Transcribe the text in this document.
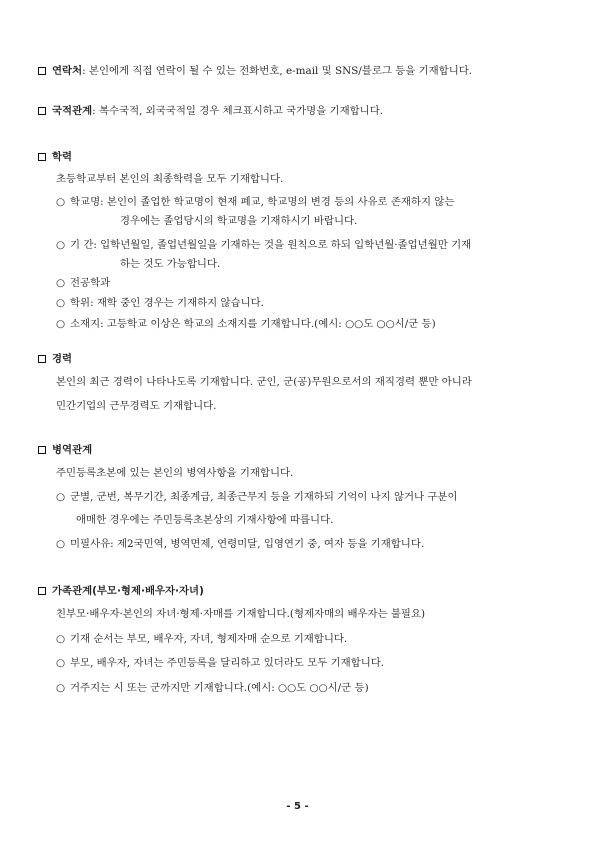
연락처: 본인에게 직접 연락이 될 수 있는 전화번호, e-mail 및 SNS/블로그 등을 기재합니다.
국적관계: 복수국적, 외국국적일 경우 체크표시하고 국가명을 기재합니다.
학력
초등학교부터 본인의 최종학력을 모두 기재합니다.
○ 학교명: 본인이 졸업한 학교명이 현재 폐교, 학교명의 변경 등의 사유로 존재하지 않는
경우에는 졸업당시의 학교명을 기재하시기 바랍니다.
○ 기 간: 입학년월일, 졸업년월일을 기재하는 것을 원칙으로 하되 입학년월·졸업년월만 기재
하는 것도 가능합니다.
○ 전공학과
○ 학위: 재학 중인 경우는 기재하지 않습니다.
○ 소재지: 고등학교 이상은 학교의 소재지를 기재합니다.(예시: ○○도 ○○시/군 등)
경력
본인의 최근 경력이 나타나도록 기재합니다. 군인, 군(공)무원으로서의 재직경력 뿐만 아니라
민간기업의 근무경력도 기재합니다.
병역관계
주민등록초본에 있는 본인의 병역사항을 기재합니다.
○ 군별, 군번, 복무기간, 최종계급, 최종근무지 등을 기재하되 기억이 나지 않거나 구분이
애매한 경우에는 주민등록초본상의 기재사항에 따릅니다.
○ 미필사유: 제2국민역, 병역면제, 연령미달, 입영연기 중, 여자 등을 기재합니다.
가족관계(부모·형제·배우자·자녀)
친부모·배우자·본인의 자녀·형제·자매를 기재합니다.(형제자매의 배우자는 불필요)
○ 기재 순서는 부모, 배우자, 자녀, 형제자매 순으로 기재합니다.
○ 부모, 배우자, 자녀는 주민등록을 달리하고 있더라도 모두 기재합니다.
○ 거주지는 시 또는 군까지만 기재합니다.(예시: ○○도 ○○시/군 등)
- 5 -
